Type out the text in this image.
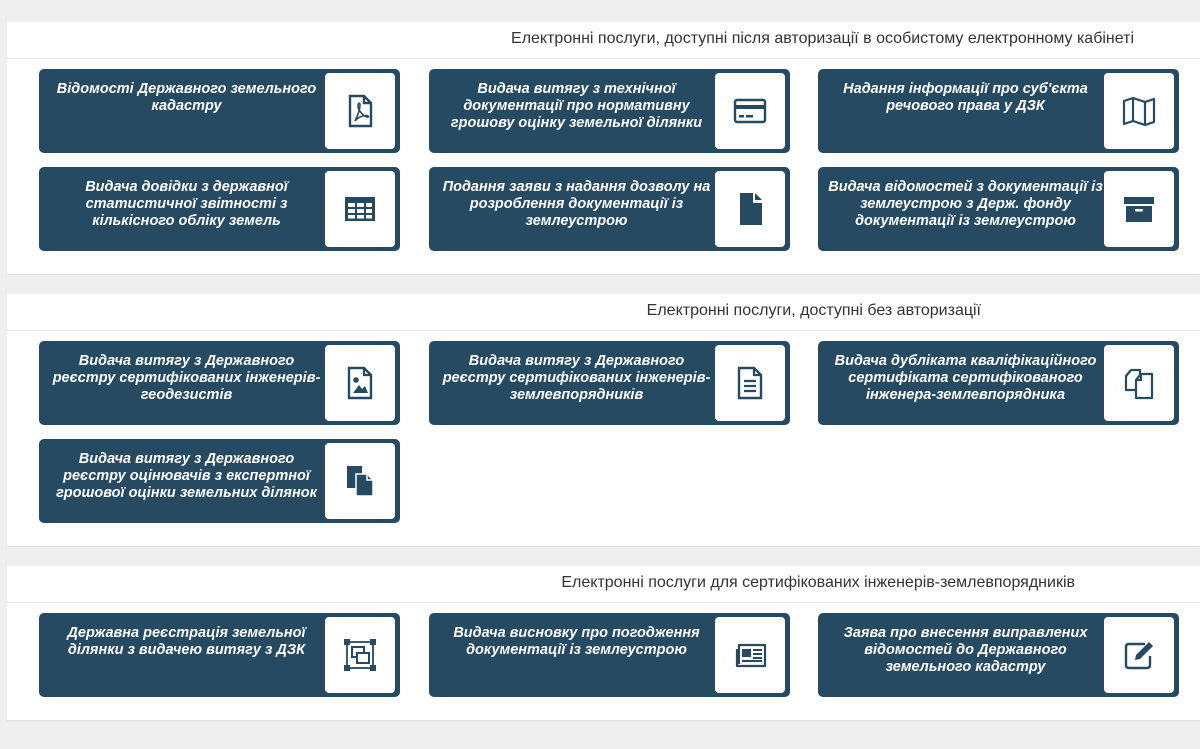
Електронні послуги, доступні після авторизації в особистому електронному кабінеті
Відомості Державного земельного кадастру
Видача витягу з технічної документації про нормативну грошову оцінку земельної ділянки
Надання інформації про суб'єкта речового права у ДЗК
Видача довідки з державної статистичної звітності з кількісного обліку земель
Подання заяви з надання дозволу на розроблення документації із землеустрою
Видача відомостей з документації із землеустрою з Держ. фонду документації із землеустрою
Електронні послуги, доступні без авторизації
Видача витягу з Державного реєстру сертифікованих інженерів-геодезистів
Видача витягу з Державного реєстру сертифікованих інженерів-землевпорядників
Видача дубліката кваліфікаційного сертифіката сертифікованого інженера-землевпорядника
Видача витягу з Державного реєстру оцінювачів з експертної грошової оцінки земельних ділянок
Електронні послуги для сертифікованих інженерів-землевпорядників
Державна реєстрація земельної ділянки з видачею витягу з ДЗК
Видача висновку про погодження документації із землеустрою
Заява про внесення виправлених відомостей до Державного земельного кадастру
